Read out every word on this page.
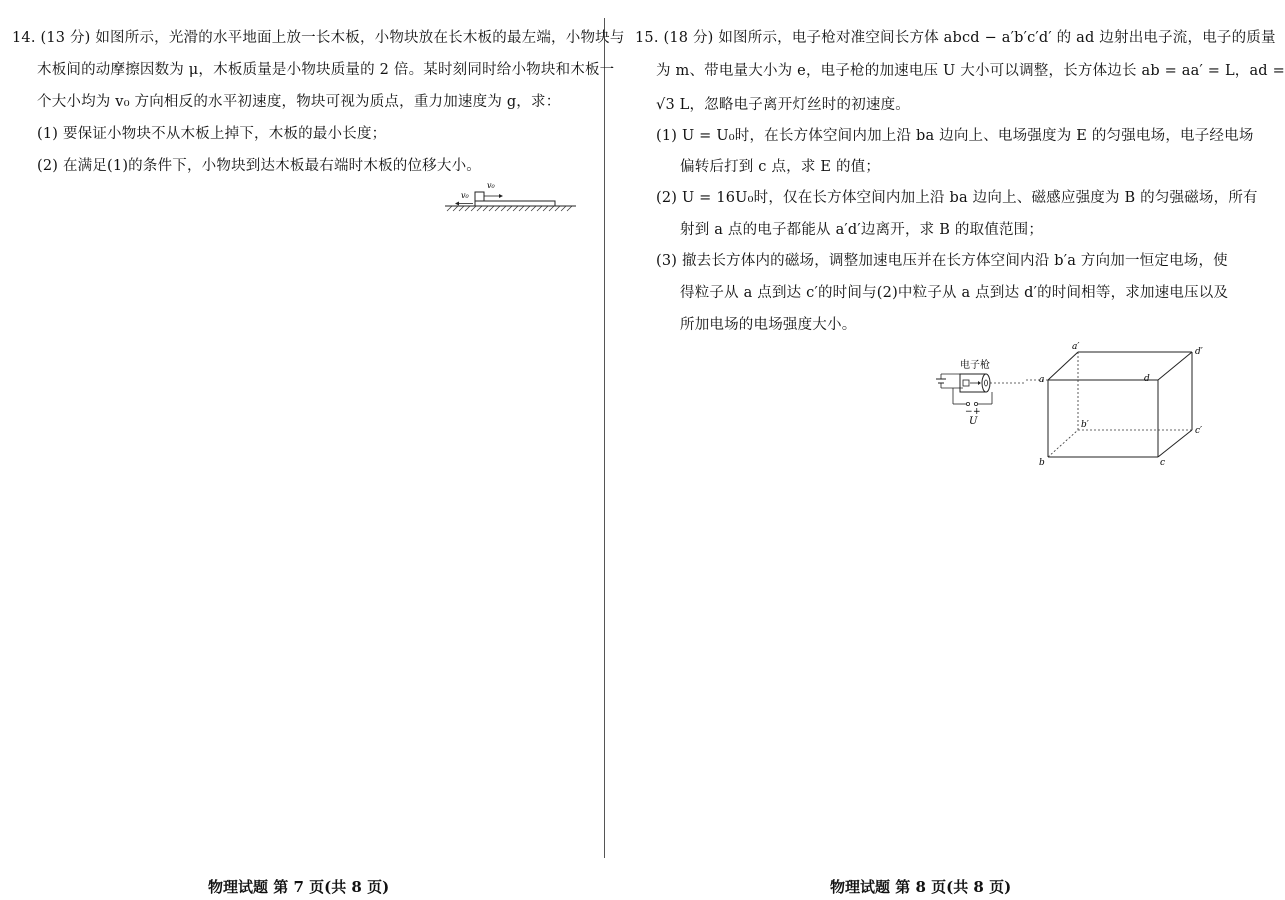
14. (13 分) 如图所示，光滑的水平地面上放一长木板，小物块放在长木板的最左端，小物块与
木板间的动摩擦因数为 μ，木板质量是小物块质量的 2 倍。某时刻同时给小物块和木板一
个大小均为 v₀ 方向相反的水平初速度，物块可视为质点，重力加速度为 g，求：
(1) 要保证小物块不从木板上掉下，木板的最小长度；
(2) 在满足(1)的条件下，小物块到达木板最右端时木板的位移大小。
v₀
v₀
物理试题 第 7 页(共 8 页)
15. (18 分) 如图所示，电子枪对准空间长方体 abcd − a′b′c′d′ 的 ad 边射出电子流，电子的质量
为 m、带电量大小为 e，电子枪的加速电压 U 大小可以调整，长方体边长 ab = aa′ = L，ad =
√3 L，忽略电子离开灯丝时的初速度。
(1) U = U₀时，在长方体空间内加上沿 ba 边向上、电场强度为 E 的匀强电场，电子经电场
偏转后打到 c 点，求 E 的值；
(2) U = 16U₀时，仅在长方体空间内加上沿 ba 边向上、磁感应强度为 B 的匀强磁场，所有
射到 a 点的电子都能从 a′d′边离开，求 B 的取值范围；
(3) 撤去长方体内的磁场，调整加速电压并在长方体空间内沿 b′a 方向加一恒定电场，使
得粒子从 a 点到达 c′的时间与(2)中粒子从 a 点到达 d′的时间相等，求加速电压以及
所加电场的电场强度大小。
电子枪
− +
U
a	d
b	c
a′	d′
b′
c′
物理试题 第 8 页(共 8 页)
